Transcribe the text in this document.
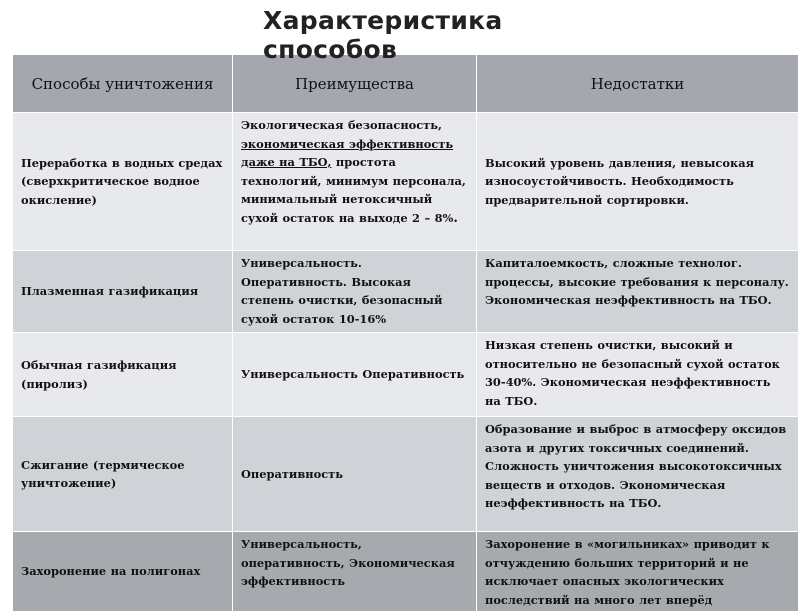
Характеристика способов
Способы уничтожения	Преимущества	Недостатки
Переработка в водных средах (сверхкритическое водное окисление)	Экологическая безопасность, экономическая эффективность даже на ТБО, простота технологий, минимум персонала, минимальный нетоксичный сухой остаток на выходе 2 – 8%.	Высокий уровень давления, невысокая износоустойчивость. Необходимость предварительной сортировки.
Плазменная газификация	Универсальность. Оперативность. Высокая степень очистки, безопасный сухой остаток 10-16%	Капиталоемкость, сложные технолог. процессы, высокие требования к персоналу. Экономическая неэффективность на ТБО.
Обычная газификация (пиролиз)	Универсальность Оперативность	Низкая степень очистки, высокий и относительно не безопасный сухой остаток 30-40%. Экономическая неэффективность на ТБО.
Сжигание (термическое уничтожение)	Оперативность	Образование и выброс в атмосферу оксидов азота и других токсичных соединений. Сложность уничтожения высокотоксичных веществ и отходов. Экономическая неэффективность на ТБО.
Захоронение на полигонах	Универсальность, оперативность, Экономическая эффективность	Захоронение в «могильниках» приводит к отчуждению больших территорий и не исключает опасных экологических последствий на много лет вперёд
